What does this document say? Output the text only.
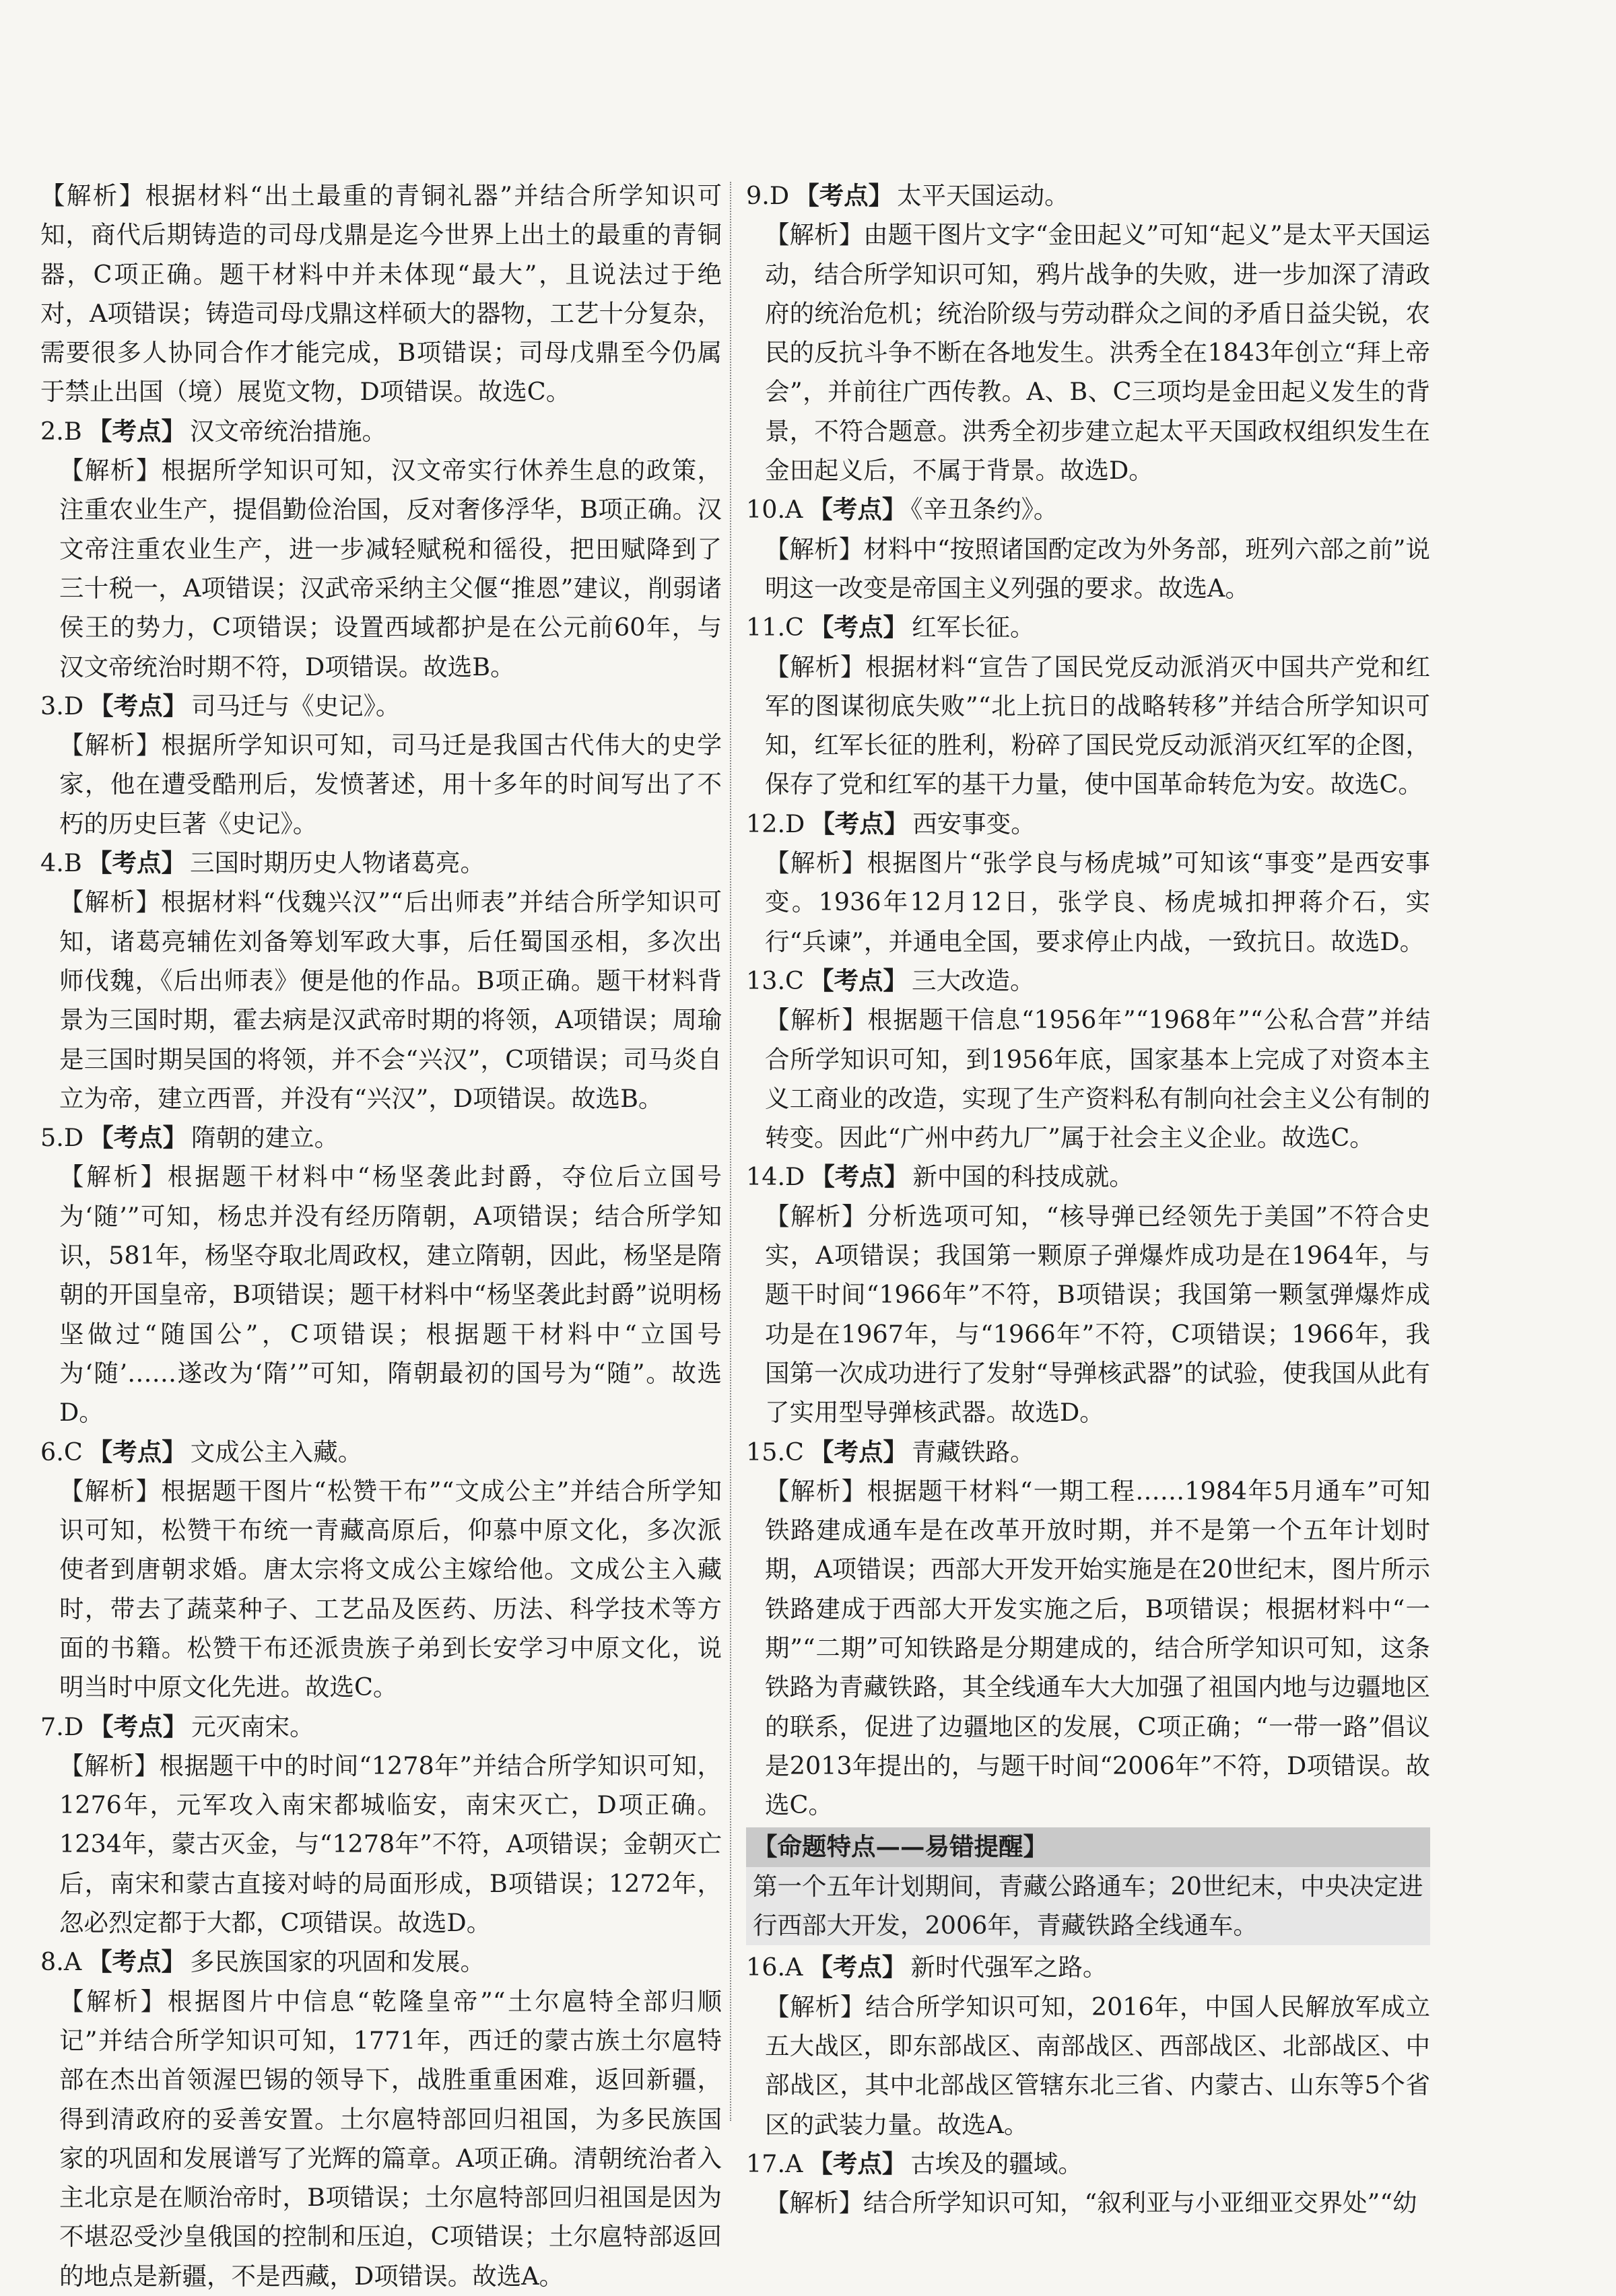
【解析】根据材料“出土最重的青铜礼器”并结合所学知识可知，商代后期铸造的司母戊鼎是迄今世界上出土的最重的青铜器，C项正确。题干材料中并未体现“最大”，且说法过于绝对，A项错误；铸造司母戊鼎这样硕大的器物，工艺十分复杂，需要很多人协同合作才能完成，B项错误；司母戊鼎至今仍属于禁止出国（境）展览文物，D项错误。故选C。
2.B 【考点】 汉文帝统治措施。
【解析】根据所学知识可知，汉文帝实行休养生息的政策，注重农业生产，提倡勤俭治国，反对奢侈浮华，B项正确。汉文帝注重农业生产，进一步减轻赋税和徭役，把田赋降到了三十税一，A项错误；汉武帝采纳主父偃“推恩”建议，削弱诸侯王的势力，C项错误；设置西域都护是在公元前60年，与汉文帝统治时期不符，D项错误。故选B。
3.D 【考点】 司马迁与《史记》。
【解析】根据所学知识可知，司马迁是我国古代伟大的史学家，他在遭受酷刑后，发愤著述，用十多年的时间写出了不朽的历史巨著《史记》。
4.B 【考点】 三国时期历史人物诸葛亮。
【解析】根据材料“伐魏兴汉”“后出师表”并结合所学知识可知，诸葛亮辅佐刘备筹划军政大事，后任蜀国丞相，多次出师伐魏，《后出师表》便是他的作品。B项正确。题干材料背景为三国时期，霍去病是汉武帝时期的将领，A项错误；周瑜是三国时期吴国的将领，并不会“兴汉”，C项错误；司马炎自立为帝，建立西晋，并没有“兴汉”，D项错误。故选B。
5.D 【考点】 隋朝的建立。
【解析】根据题干材料中“杨坚袭此封爵，夺位后立国号为‘随’”可知，杨忠并没有经历隋朝，A项错误；结合所学知识，581年，杨坚夺取北周政权，建立隋朝，因此，杨坚是隋朝的开国皇帝，B项错误；题干材料中“杨坚袭此封爵”说明杨坚做过“随国公”，C项错误；根据题干材料中“立国号为‘随’……遂改为‘隋’”可知，隋朝最初的国号为“随”。故选D。
6.C 【考点】 文成公主入藏。
【解析】根据题干图片“松赞干布”“文成公主”并结合所学知识可知，松赞干布统一青藏高原后，仰慕中原文化，多次派使者到唐朝求婚。唐太宗将文成公主嫁给他。文成公主入藏时，带去了蔬菜种子、工艺品及医药、历法、科学技术等方面的书籍。松赞干布还派贵族子弟到长安学习中原文化，说明当时中原文化先进。故选C。
7.D 【考点】 元灭南宋。
【解析】根据题干中的时间“1278年”并结合所学知识可知，1276年，元军攻入南宋都城临安，南宋灭亡，D项正确。1234年，蒙古灭金，与“1278年”不符，A项错误；金朝灭亡后，南宋和蒙古直接对峙的局面形成，B项错误；1272年，忽必烈定都于大都，C项错误。故选D。
8.A 【考点】 多民族国家的巩固和发展。
【解析】根据图片中信息“乾隆皇帝”“土尔扈特全部归顺记”并结合所学知识可知，1771年，西迁的蒙古族土尔扈特部在杰出首领渥巴锡的领导下，战胜重重困难，返回新疆，得到清政府的妥善安置。土尔扈特部回归祖国，为多民族国家的巩固和发展谱写了光辉的篇章。A项正确。清朝统治者入主北京是在顺治帝时，B项错误；土尔扈特部回归祖国是因为不堪忍受沙皇俄国的控制和压迫，C项错误；土尔扈特部返回的地点是新疆，不是西藏，D项错误。故选A。
9.D 【考点】 太平天国运动。
【解析】由题干图片文字“金田起义”可知“起义”是太平天国运动，结合所学知识可知，鸦片战争的失败，进一步加深了清政府的统治危机；统治阶级与劳动群众之间的矛盾日益尖锐，农民的反抗斗争不断在各地发生。洪秀全在1843年创立“拜上帝会”，并前往广西传教。A、B、C三项均是金田起义发生的背景，不符合题意。洪秀全初步建立起太平天国政权组织发生在金田起义后，不属于背景。故选D。
10.A 【考点】 《辛丑条约》。
【解析】材料中“按照诸国酌定改为外务部，班列六部之前”说明这一改变是帝国主义列强的要求。故选A。
11.C 【考点】 红军长征。
【解析】根据材料“宣告了国民党反动派消灭中国共产党和红军的图谋彻底失败”“北上抗日的战略转移”并结合所学知识可知，红军长征的胜利，粉碎了国民党反动派消灭红军的企图，保存了党和红军的基干力量，使中国革命转危为安。故选C。
12.D 【考点】 西安事变。
【解析】根据图片“张学良与杨虎城”可知该“事变”是西安事变。1936年12月12日，张学良、杨虎城扣押蒋介石，实行“兵谏”，并通电全国，要求停止内战，一致抗日。故选D。
13.C 【考点】 三大改造。
【解析】根据题干信息“1956年”“1968年”“公私合营”并结合所学知识可知，到1956年底，国家基本上完成了对资本主义工商业的改造，实现了生产资料私有制向社会主义公有制的转变。因此“广州中药九厂”属于社会主义企业。故选C。
14.D 【考点】 新中国的科技成就。
【解析】分析选项可知，“核导弹已经领先于美国”不符合史实，A项错误；我国第一颗原子弹爆炸成功是在1964年，与题干时间“1966年”不符，B项错误；我国第一颗氢弹爆炸成功是在1967年，与“1966年”不符，C项错误；1966年，我国第一次成功进行了发射“导弹核武器”的试验，使我国从此有了实用型导弹核武器。故选D。
15.C 【考点】 青藏铁路。
【解析】根据题干材料“一期工程……1984年5月通车”可知铁路建成通车是在改革开放时期，并不是第一个五年计划时期，A项错误；西部大开发开始实施是在20世纪末，图片所示铁路建成于西部大开发实施之后，B项错误；根据材料中“一期”“二期”可知铁路是分期建成的，结合所学知识可知，这条铁路为青藏铁路，其全线通车大大加强了祖国内地与边疆地区的联系，促进了边疆地区的发展，C项正确；“一带一路”倡议是2013年提出的，与题干时间“2006年”不符，D项错误。故选C。
【命题特点——易错提醒】
第一个五年计划期间，青藏公路通车；20世纪末，中央决定进行西部大开发，2006年，青藏铁路全线通车。
16.A 【考点】 新时代强军之路。
【解析】结合所学知识可知，2016年，中国人民解放军成立五大战区，即东部战区、南部战区、西部战区、北部战区、中部战区，其中北部战区管辖东北三省、内蒙古、山东等5个省区的武装力量。故选A。
17.A 【考点】 古埃及的疆域。
【解析】结合所学知识可知，“叙利亚与小亚细亚交界处”“幼
